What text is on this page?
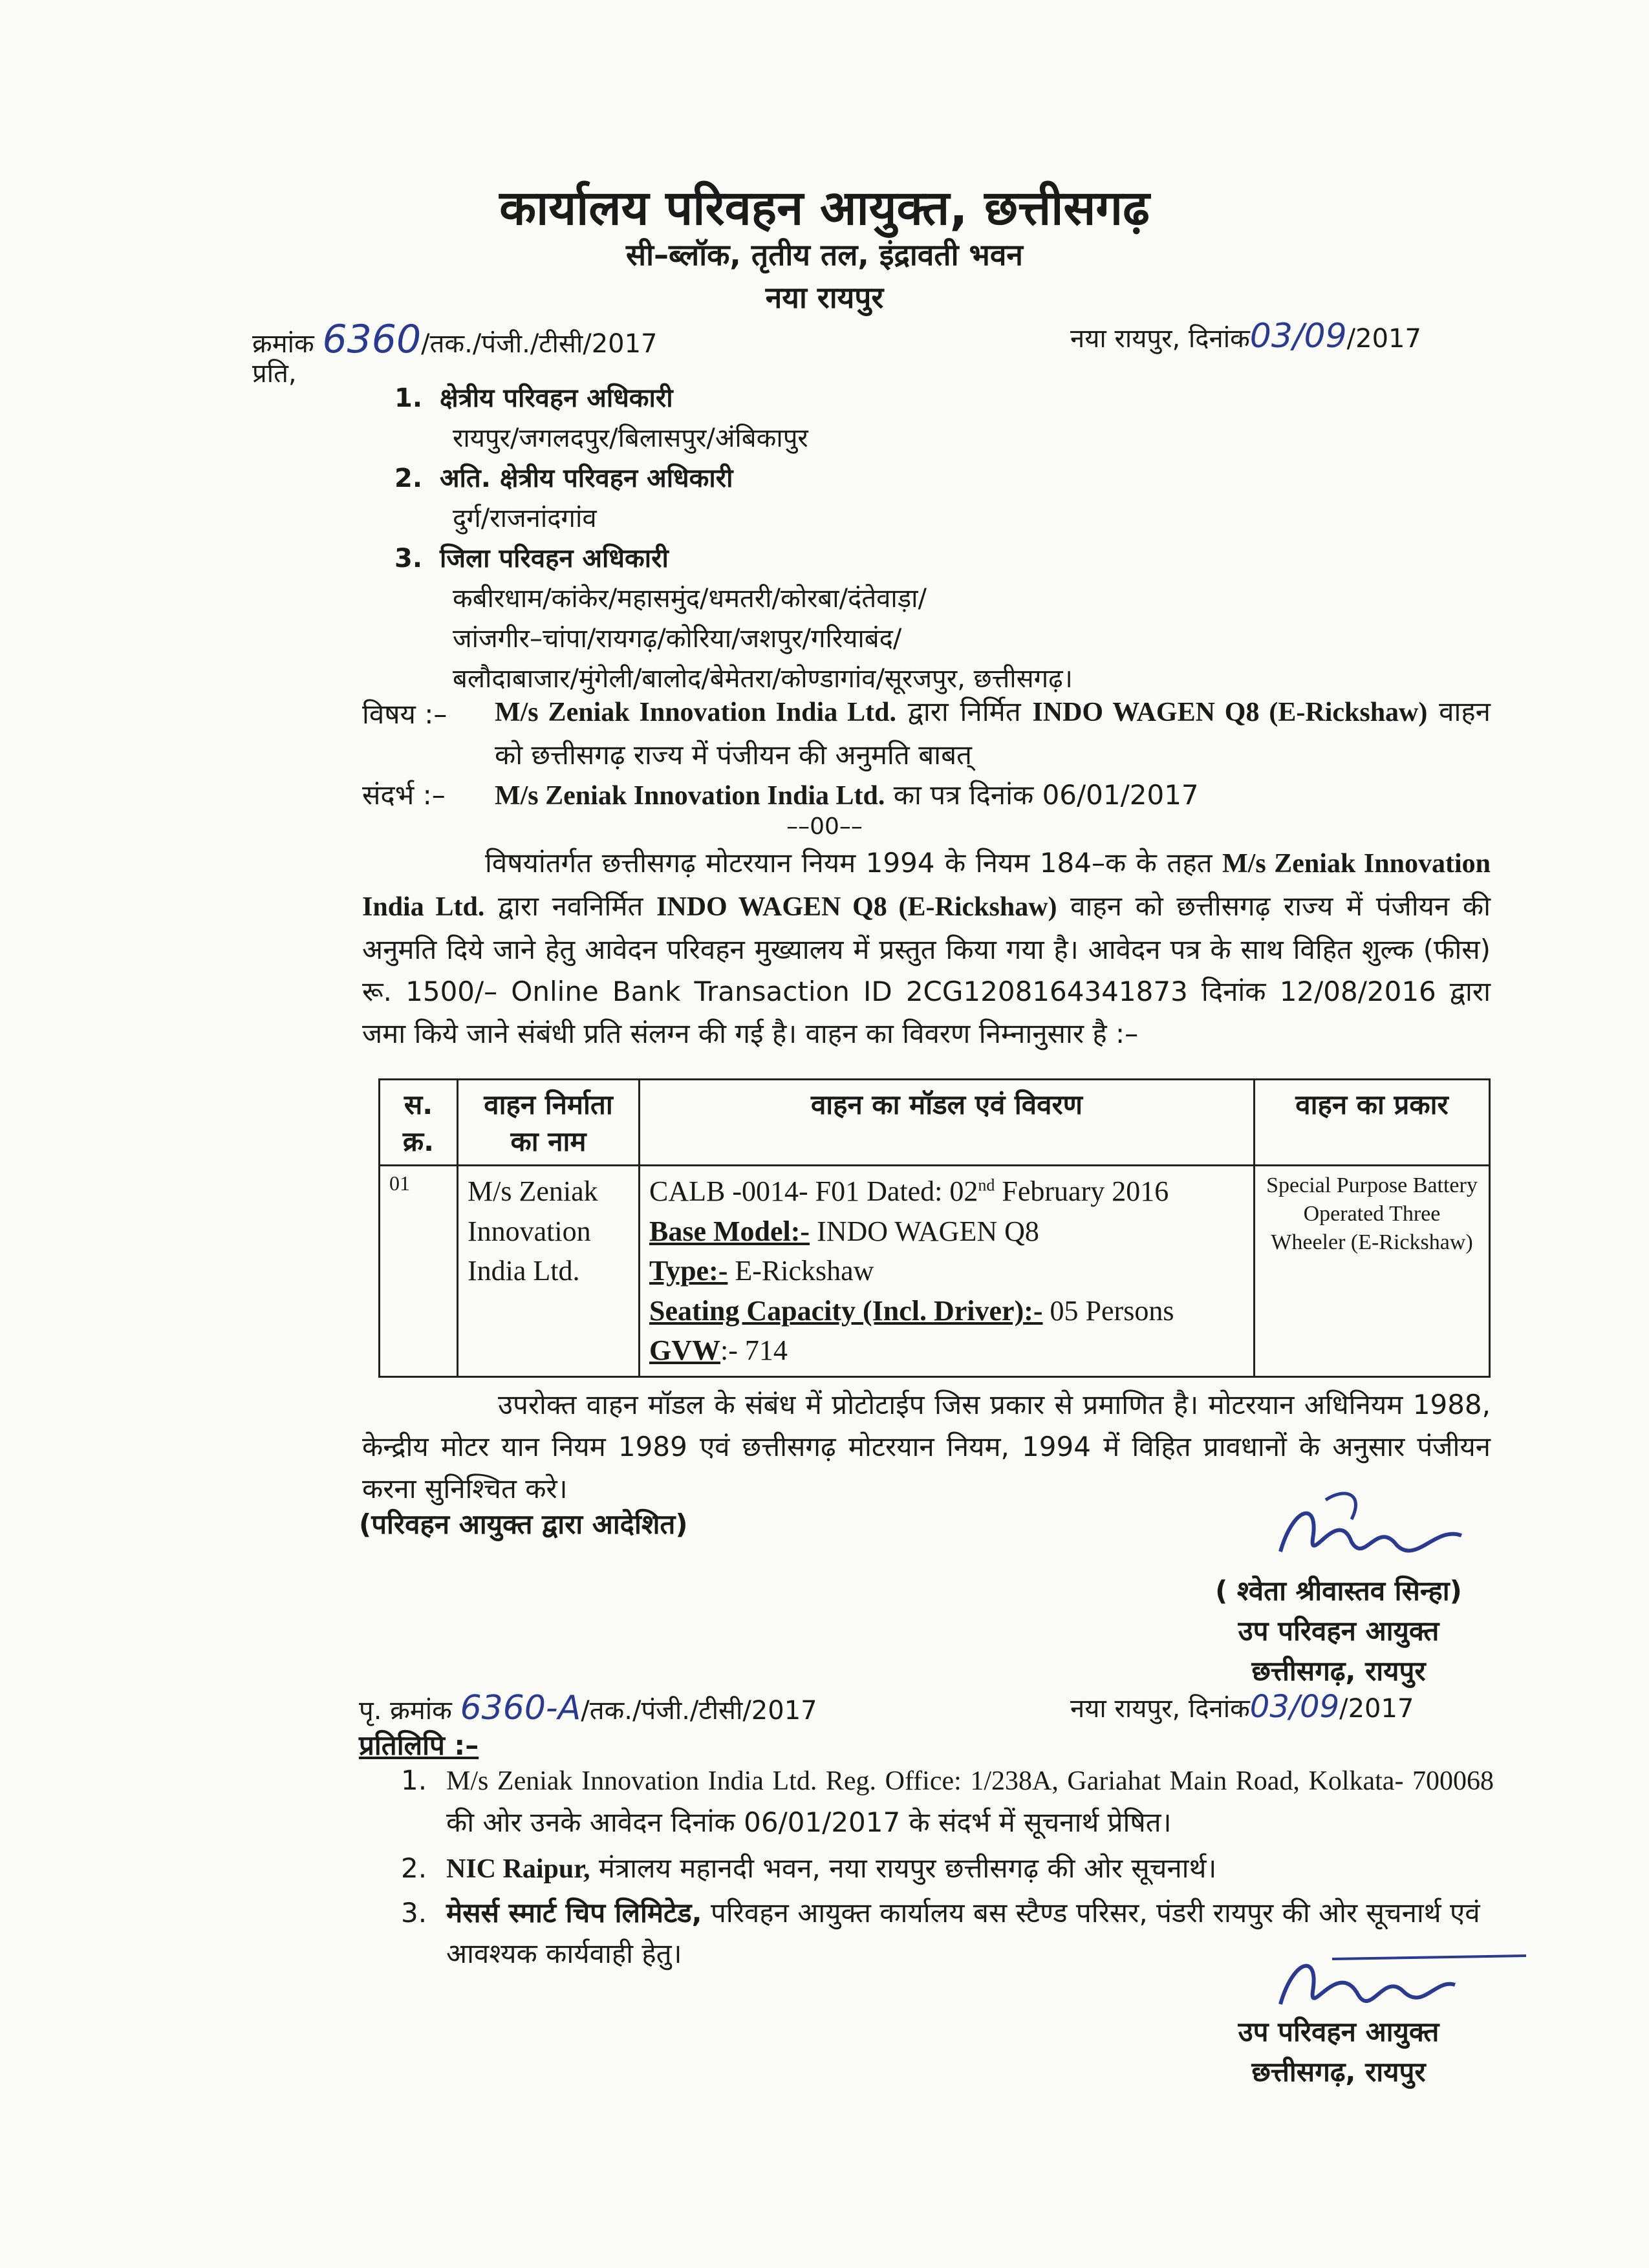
कार्यालय परिवहन आयुक्त, छत्तीसगढ़
सी–ब्लॉक, तृतीय तल, इंद्रावती भवन
नया रायपुर
क्रमांक 6360/तक./पंजी./टीसी/2017	नया रायपुर, दिनांक03/09/2017
प्रति,
1. क्षेत्रीय परिवहन अधिकारी
रायपुर/जगलदपुर/बिलासपुर/अंबिकापुर
2. अति. क्षेत्रीय परिवहन अधिकारी
दुर्ग/राजनांदगांव
3. जिला परिवहन अधिकारी
कबीरधाम/कांकेर/महासमुंद/धमतरी/कोरबा/दंतेवाड़ा/
जांजगीर–चांपा/रायगढ़/कोरिया/जशपुर/गरियाबंद/
बलौदाबाजार/मुंगेली/बालोद/बेमेतरा/कोण्डागांव/सूरजपुर, छत्तीसगढ़।
विषय :– M/s Zeniak Innovation India Ltd. द्वारा निर्मित INDO WAGEN Q8 (E-Rickshaw) वाहन को छत्तीसगढ़ राज्य में पंजीयन की अनुमति बाबत्
संदर्भ :– M/s Zeniak Innovation India Ltd. का पत्र दिनांक 06/01/2017
––00––
विषयांतर्गत छत्तीसगढ़ मोटरयान नियम 1994 के नियम 184–क के तहत M/s Zeniak Innovation India Ltd. द्वारा नवनिर्मित INDO WAGEN Q8 (E-Rickshaw) वाहन को छत्तीसगढ़ राज्य में पंजीयन की अनुमति दिये जाने हेतु आवेदन परिवहन मुख्यालय में प्रस्तुत किया गया है। आवेदन पत्र के साथ विहित शुल्क (फीस) रू. 1500/– Online Bank Transaction ID 2CG1208164341873 दिनांक 12/08/2016 द्वारा जमा किये जाने संबंधी प्रति संलग्न की गई है। वाहन का विवरण निम्नानुसार है :–
स. क्र.	वाहन निर्माता का नाम	वाहन का मॉडल एवं विवरण	वाहन का प्रकार
01	M/s Zeniak Innovation India Ltd.	CALB -0014- F01 Dated: 02nd February 2016
Base Model:- INDO WAGEN Q8
Type:- E-Rickshaw
Seating Capacity (Incl. Driver):- 05 Persons
GVW:- 714	Special Purpose Battery Operated Three Wheeler (E-Rickshaw)
उपरोक्त वाहन मॉडल के संबंध में प्रोटोटाईप जिस प्रकार से प्रमाणित है। मोटरयान अधिनियम 1988, केन्द्रीय मोटर यान नियम 1989 एवं छत्तीसगढ़ मोटरयान नियम, 1994 में विहित प्रावधानों के अनुसार पंजीयन करना सुनिश्चित करे।
(परिवहन आयुक्त द्वारा आदेशित)
( श्वेता श्रीवास्तव सिन्हा)
उप परिवहन आयुक्त
छत्तीसगढ़, रायपुर
पृ. क्रमांक 6360-A/तक./पंजी./टीसी/2017	नया रायपुर, दिनांक03/09/2017
प्रतिलिपि :–
1. M/s Zeniak Innovation India Ltd. Reg. Office: 1/238A, Gariahat Main Road, Kolkata- 700068 की ओर उनके आवेदन दिनांक 06/01/2017 के संदर्भ में सूचनार्थ प्रेषित।
2. NIC Raipur, मंत्रालय महानदी भवन, नया रायपुर छत्तीसगढ़ की ओर सूचनार्थ।
3. मेसर्स स्मार्ट चिप लिमिटेड, परिवहन आयुक्त कार्यालय बस स्टैण्ड परिसर, पंडरी रायपुर की ओर सूचनार्थ एवं आवश्यक कार्यवाही हेतु।
उप परिवहन आयुक्त
छत्तीसगढ़, रायपुर
